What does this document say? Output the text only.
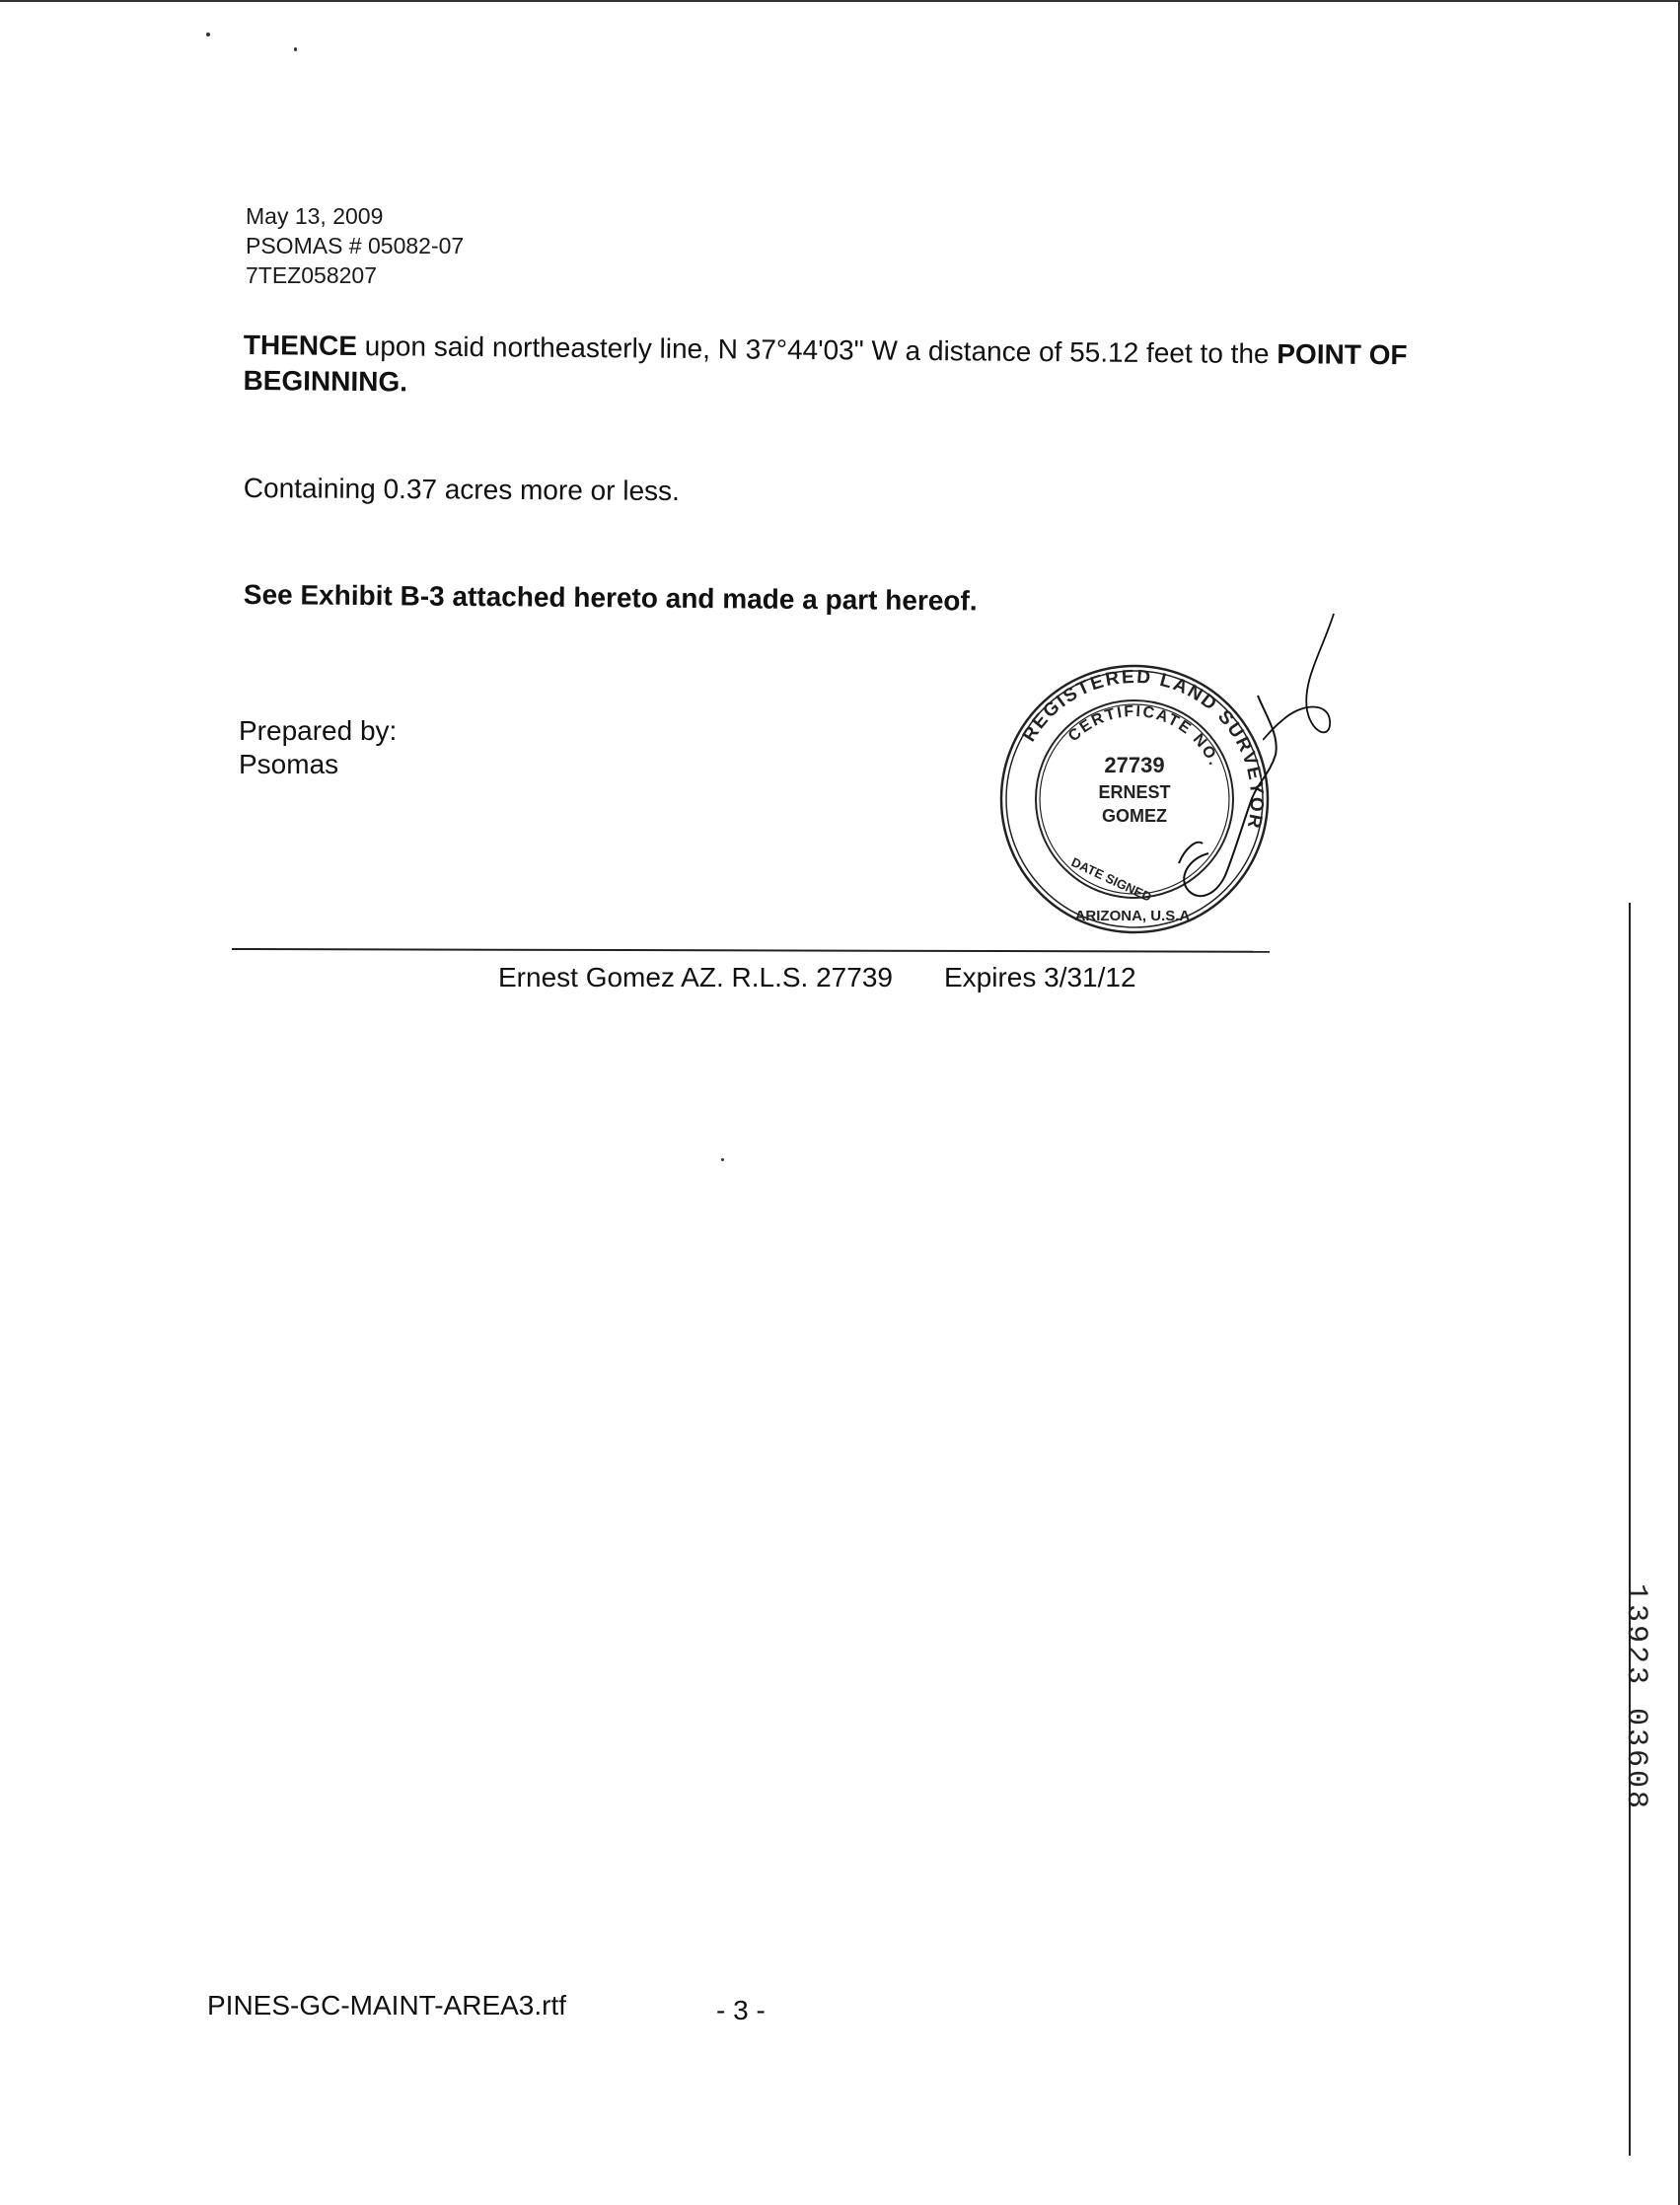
May 13, 2009
PSOMAS # 05082-07
7TEZ058207
THENCE upon said northeasterly line, N 37°44'03" W a distance of 55.12 feet to the POINT OF BEGINNING.
Containing 0.37 acres more or less.
See Exhibit B-3 attached hereto and made a part hereof.
Prepared by:
Psomas
REGISTERED LAND SURVEYOR
CERTIFICATE NO.
27739
ERNEST
GOMEZ
DATE SIGNED
ARIZONA, U.S.A.
Ernest Gomez AZ. R.L.S. 27739 Expires 3/31/12
PINES-GC-MAINT-AREA3.rtf	- 3 -
13923 03608
